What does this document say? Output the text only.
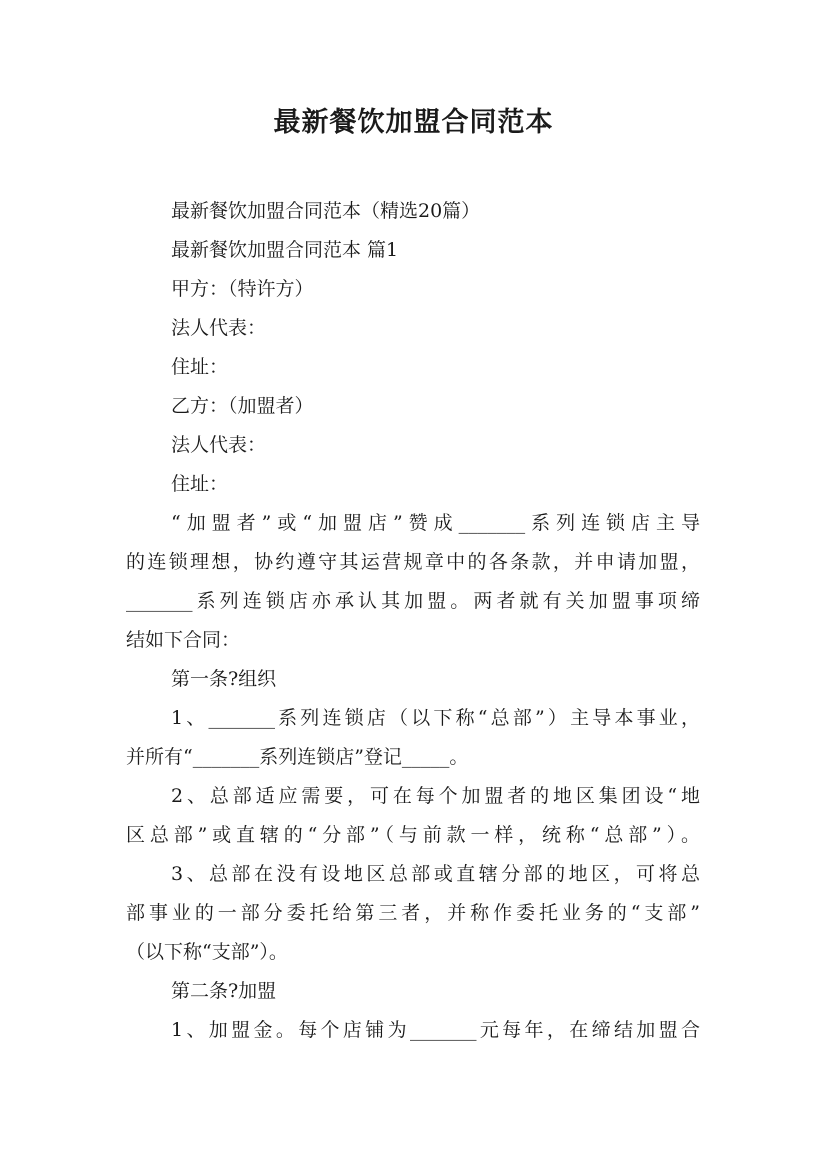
最新餐饮加盟合同范本
最新餐饮加盟合同范本（精选20篇）
最新餐饮加盟合同范本 篇1
甲方：（特许方）
法人代表：
住址：
乙方：（加盟者）
法人代表：
住址：
“加盟者”或“加盟店”赞成_______系列连锁店主导
的连锁理想，协约遵守其运营规章中的各条款，并申请加盟，
_______系列连锁店亦承认其加盟。两者就有关加盟事项缔
结如下合同：
第一条?组织
1、_______系列连锁店（以下称“总部”）主导本事业，
并所有“_______系列连锁店”登记_____。
2、总部适应需要，可在每个加盟者的地区集团设“地
区总部”或直辖的“分部”（与前款一样，统称“总部”）。
3、总部在没有设地区总部或直辖分部的地区，可将总
部事业的一部分委托给第三者，并称作委托业务的“支部”
（以下称“支部”）。
第二条?加盟
1、加盟金。每个店铺为_______元每年，在缔结加盟合
